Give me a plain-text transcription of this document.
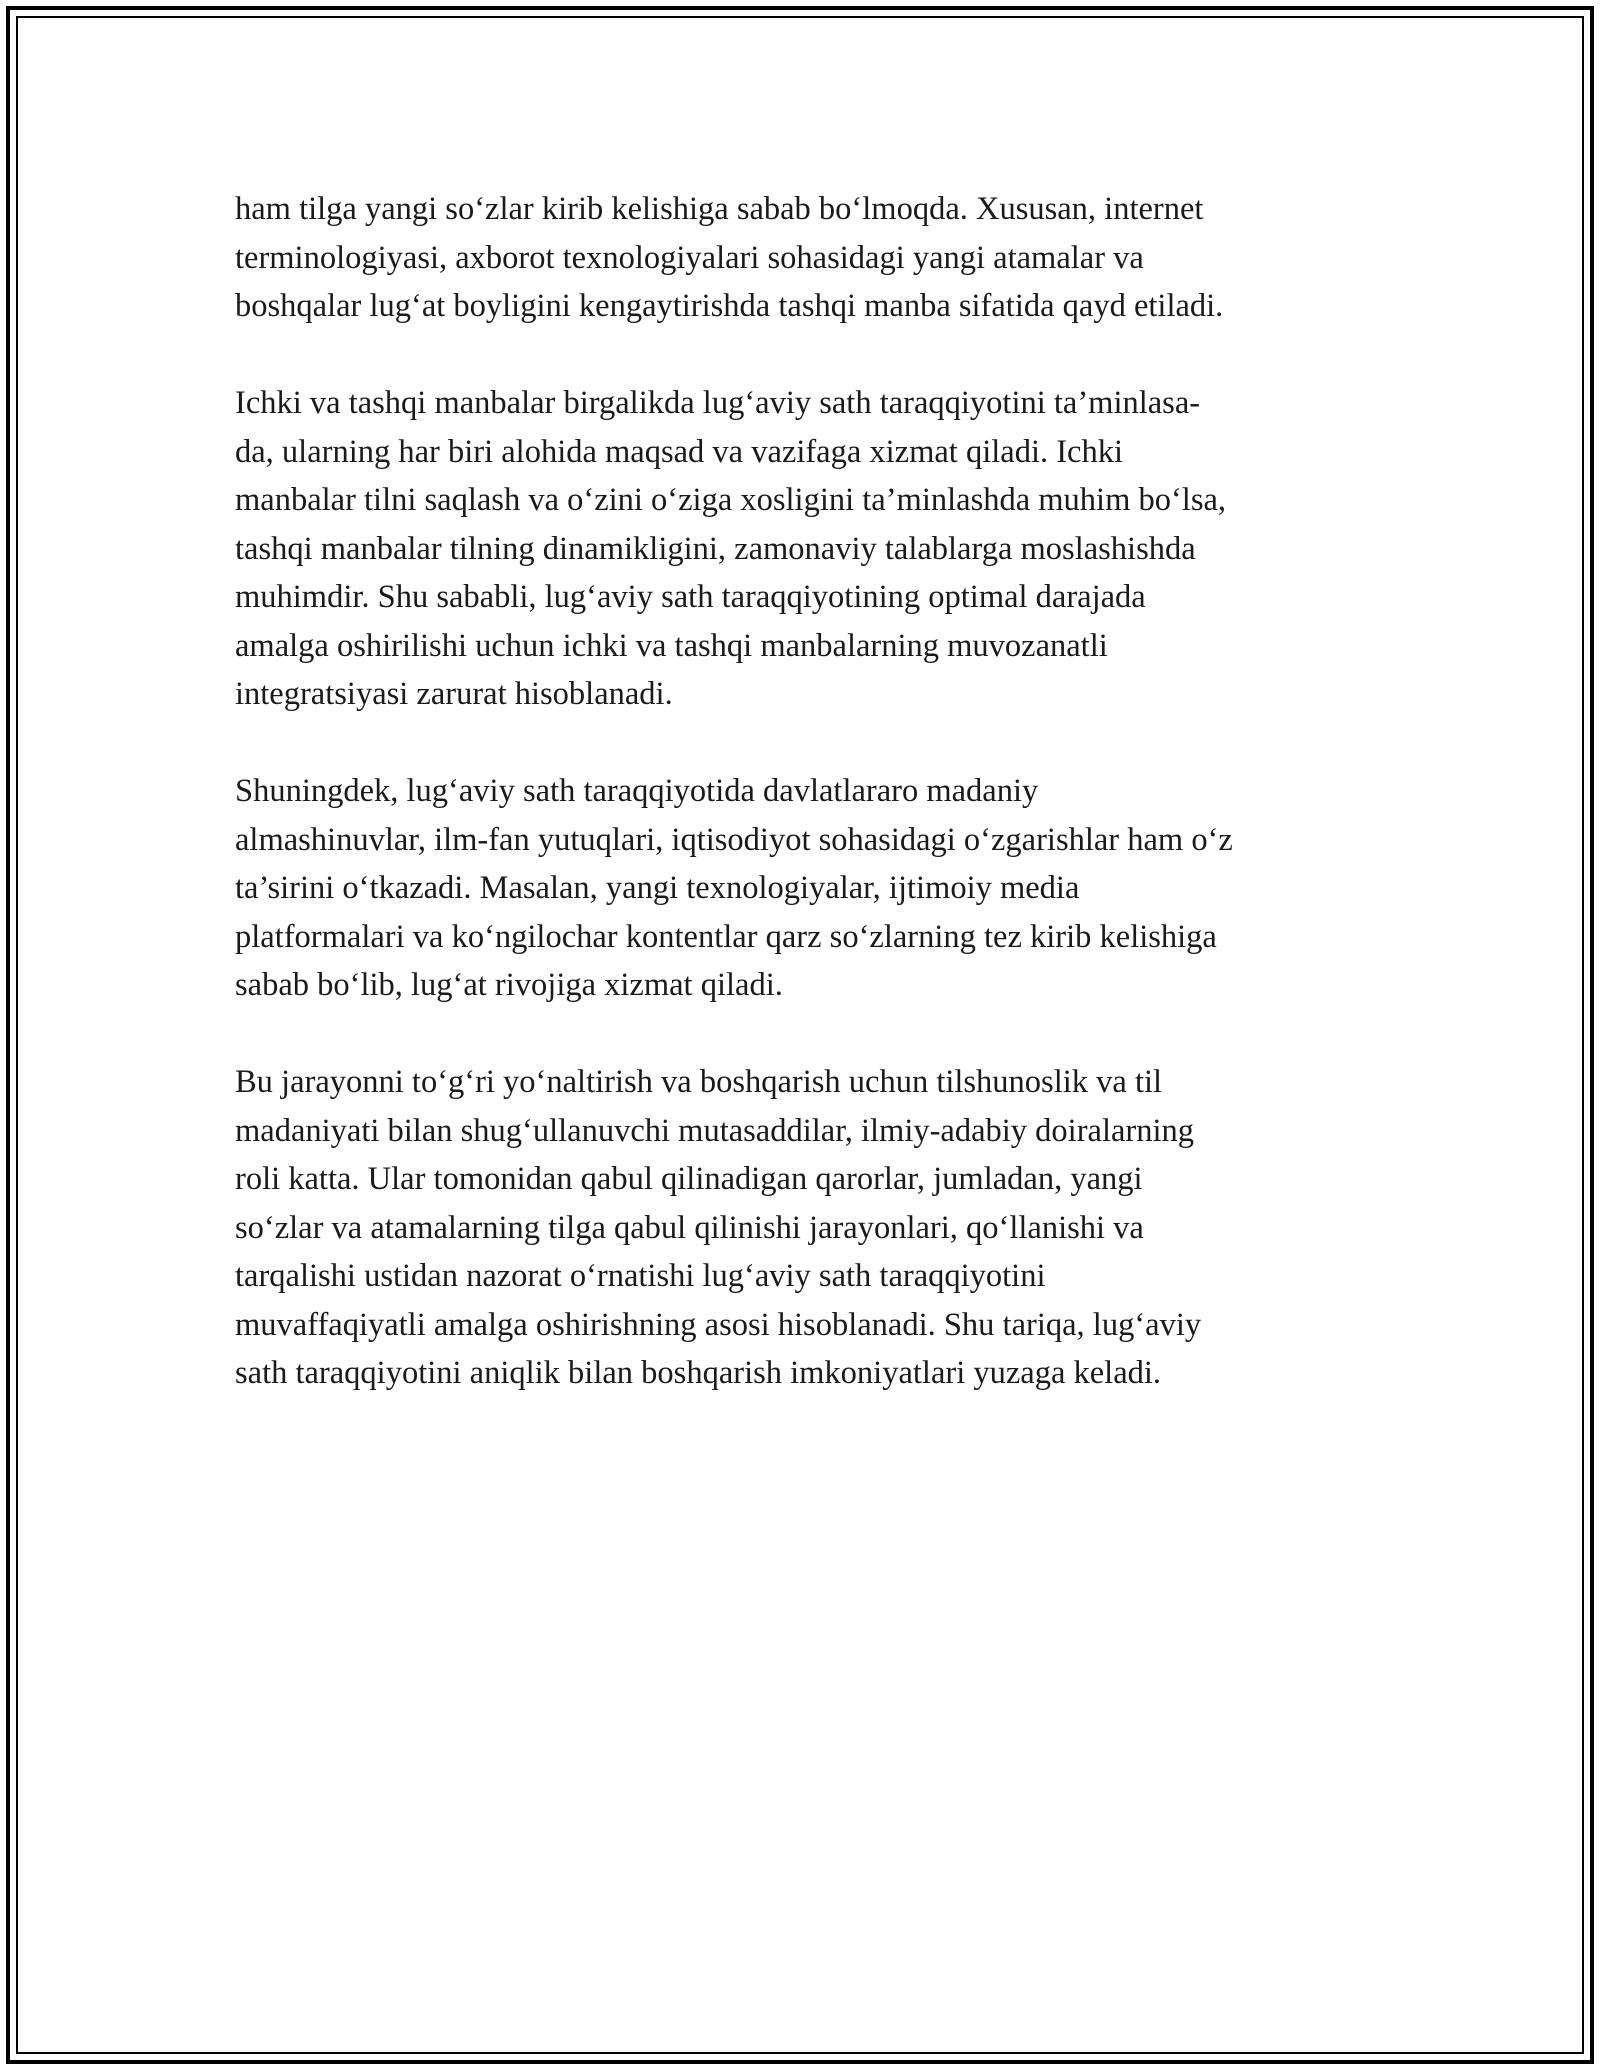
ham tilga yangi so‘zlar kirib kelishiga sabab bo‘lmoqda. Xususan, internet
terminologiyasi, axborot texnologiyalari sohasidagi yangi atamalar va
boshqalar lug‘at boyligini kengaytirishda tashqi manba sifatida qayd etiladi.
Ichki va tashqi manbalar birgalikda lug‘aviy sath taraqqiyotini ta’minlasa-
da, ularning har biri alohida maqsad va vazifaga xizmat qiladi. Ichki
manbalar tilni saqlash va o‘zini o‘ziga xosligini ta’minlashda muhim bo‘lsa,
tashqi manbalar tilning dinamikligini, zamonaviy talablarga moslashishda
muhimdir. Shu sababli, lug‘aviy sath taraqqiyotining optimal darajada
amalga oshirilishi uchun ichki va tashqi manbalarning muvozanatli
integratsiyasi zarurat hisoblanadi.
Shuningdek, lug‘aviy sath taraqqiyotida davlatlararo madaniy
almashinuvlar, ilm-fan yutuqlari, iqtisodiyot sohasidagi o‘zgarishlar ham o‘z
ta’sirini o‘tkazadi. Masalan, yangi texnologiyalar, ijtimoiy media
platformalari va ko‘ngilochar kontentlar qarz so‘zlarning tez kirib kelishiga
sabab bo‘lib, lug‘at rivojiga xizmat qiladi.
Bu jarayonni to‘g‘ri yo‘naltirish va boshqarish uchun tilshunoslik va til
madaniyati bilan shug‘ullanuvchi mutasaddilar, ilmiy-adabiy doiralarning
roli katta. Ular tomonidan qabul qilinadigan qarorlar, jumladan, yangi
so‘zlar va atamalarning tilga qabul qilinishi jarayonlari, qo‘llanishi va
tarqalishi ustidan nazorat o‘rnatishi lug‘aviy sath taraqqiyotini
muvaffaqiyatli amalga oshirishning asosi hisoblanadi. Shu tariqa, lug‘aviy
sath taraqqiyotini aniqlik bilan boshqarish imkoniyatlari yuzaga keladi.
